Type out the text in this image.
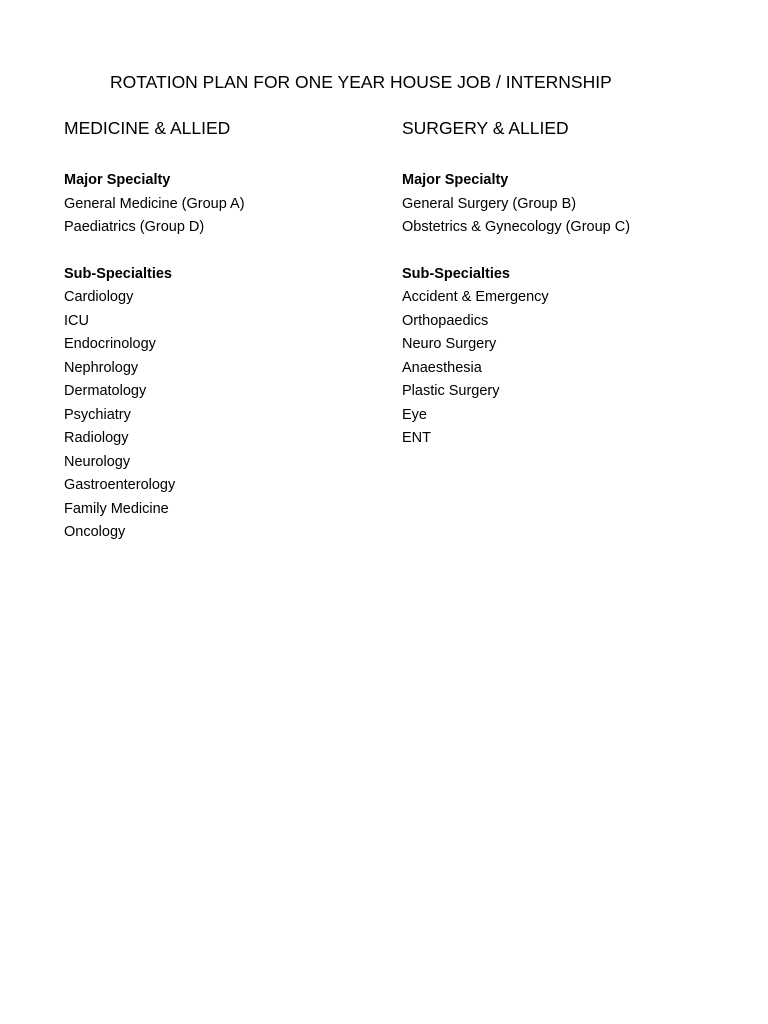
ROTATION PLAN FOR ONE YEAR HOUSE JOB / INTERNSHIP
MEDICINE & ALLIED
Major Specialty
General Medicine (Group A)
Paediatrics (Group D)
Sub-Specialties
Cardiology
ICU
Endocrinology
Nephrology
Dermatology
Psychiatry
Radiology
Neurology
Gastroenterology
Family Medicine
Oncology
SURGERY & ALLIED
Major Specialty
General Surgery (Group B)
Obstetrics & Gynecology (Group C)
Sub-Specialties
Accident & Emergency
Orthopaedics
Neuro Surgery
Anaesthesia
Plastic Surgery
Eye
ENT
